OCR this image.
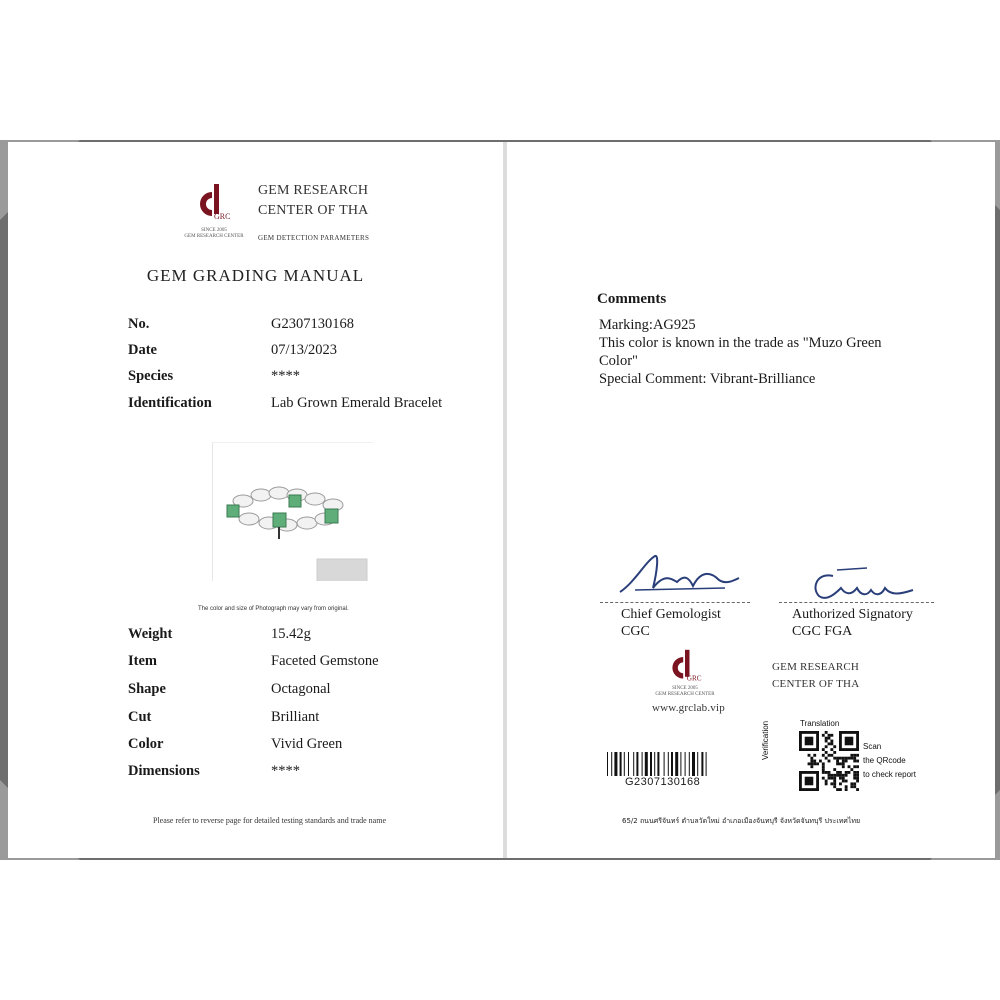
GRC
SINCE 2005
GEM RESEARCH CENTER
GEM RESEARCH
CENTER OF THA
GEM DETECTION PARAMETERS
GEM GRADING MANUAL
No.	G2307130168
Date	07/13/2023
Species	****
Identification	Lab Grown Emerald Bracelet
The color and size of Photograph may vary from original.
Weight	15.42g
Item	Faceted Gemstone
Shape	Octagonal
Cut	Brilliant
Color	Vivid Green
Dimensions	****
Please refer to reverse page for detailed testing standards and trade name
Comments
Marking:AG925
This color is known in the trade as "Muzo Green
Color"
Special Comment: Vibrant-Brilliance
Chief Gemologist
CGC
Authorized Signatory
CGC FGA
GRC
SINCE 2005
GEM RESEARCH CENTER
www.grclab.vip
GEM RESEARCH
CENTER OF THA
G2307130168
Translation
Verification	Scan
the QRcode
to check report
65/2 ถนนศรีจันทร์ ตำบลวัดใหม่ อำเภอเมืองจันทบุรี จังหวัดจันทบุรี ประเทศไทย
